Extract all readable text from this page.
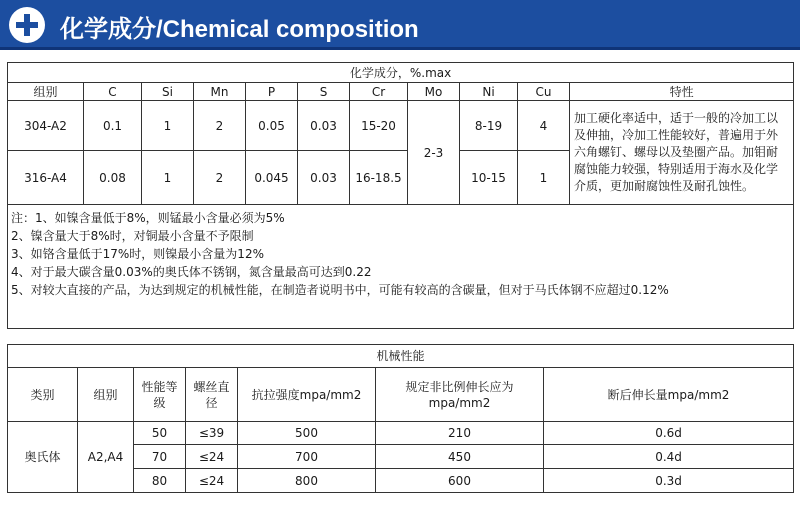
化学成分/Chemical composition
化学成分，%.max										
组别	C	Si	Mn	P	S	Cr	Mo	Ni	Cu	特性
304-A2	0.1	1	2	0.05	0.03	15-20	2-3	8-19	4	加工硬化率适中，适于一般的冷加工以及伸抽，冷加工性能较好，普遍用于外六角螺钉、螺母以及垫圈产品。加钼耐腐蚀能力较强，特别适用于海水及化学介质，更加耐腐蚀性及耐孔蚀性。
316-A4	0.08	1	2	0.045	0.03	16-18.5		10-15	1	

注：1、如镍含量低于8%，则锰最小含量必须为5%
2、镍含量大于8%时，对铜最小含量不予限制
3、如铬含量低于17%时，则镍最小含量为12%
4、对于最大碳含量0.03%的奥氏体不锈钢，氮含量最高可达到0.22
5、对较大直接的产品，为达到规定的机械性能，在制造者说明书中，可能有较高的含碳量，但对于马氏体钢不应超过0.12%										
机械性能						
类别	组别	性能等级	螺丝直径	抗拉强度mpa/mm2	规定非比例伸长应为mpa/mm2	断后伸长量mpa/mm2
奥氏体	A2,A4	50	≤39	500	210	0.6d
		70	≤24	700	450	0.4d
		80	≤24	800	600	0.3d
